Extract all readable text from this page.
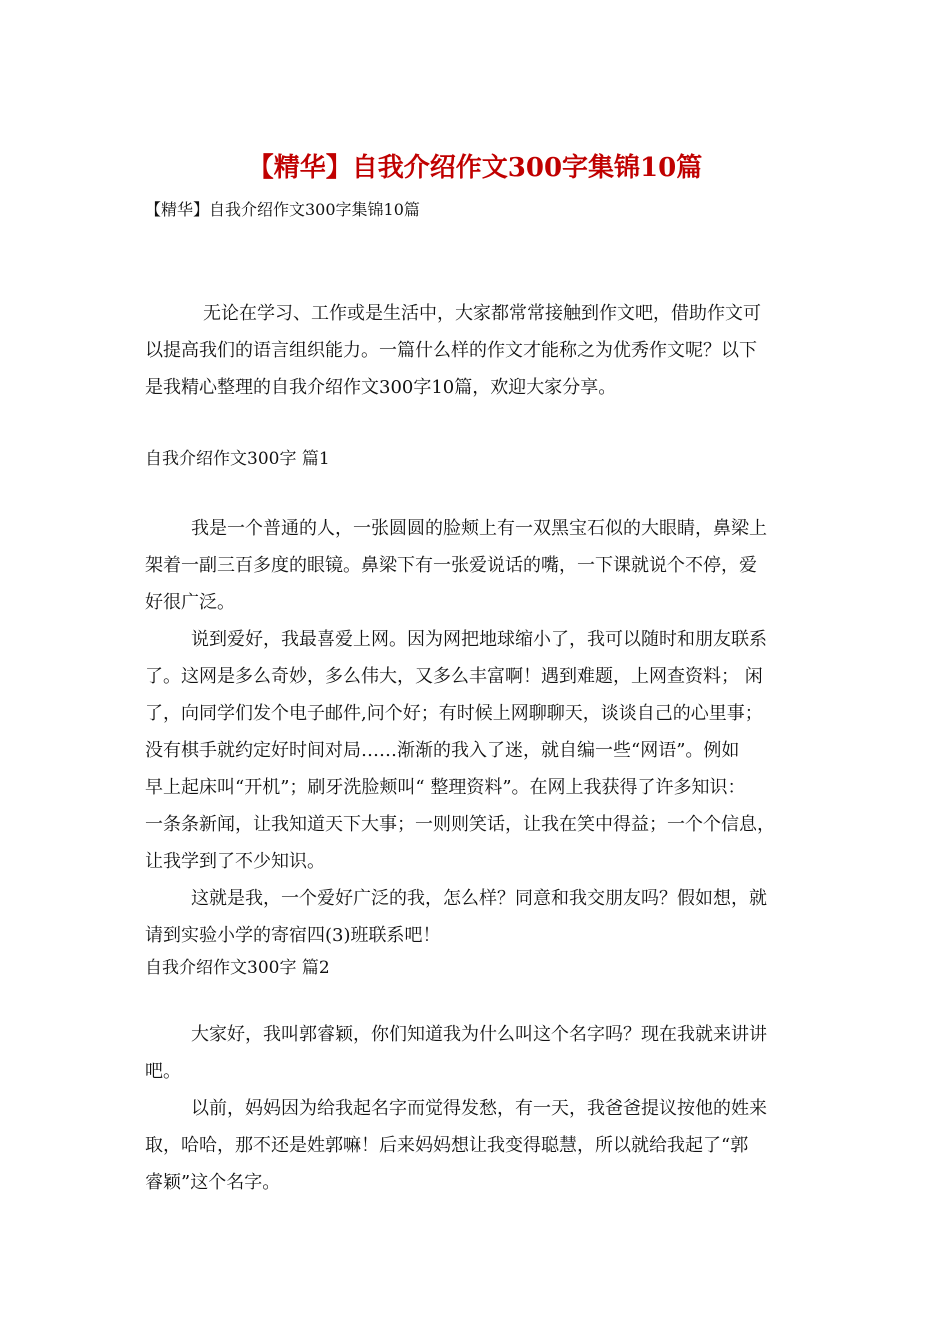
【精华】自我介绍作文300字集锦10篇
【精华】自我介绍作文300字集锦10篇
无论在学习、工作或是生活中，大家都常常接触到作文吧，借助作文可
以提高我们的语言组织能力。一篇什么样的作文才能称之为优秀作文呢？以下
是我精心整理的自我介绍作文300字10篇，欢迎大家分享。
自我介绍作文300字 篇1
我是一个普通的人，一张圆圆的脸颊上有一双黑宝石似的大眼睛，鼻梁上
架着一副三百多度的眼镜。鼻梁下有一张爱说话的嘴，一下课就说个不停，爱
好很广泛。
说到爱好，我最喜爱上网。因为网把地球缩小了，我可以随时和朋友联系
了。这网是多么奇妙，多么伟大，又多么丰富啊！遇到难题，上网查资料； 闲
了，向同学们发个电子邮件,问个好；有时候上网聊聊天，谈谈自己的心里事；
没有棋手就约定好时间对局……渐渐的我入了迷，就自编一些“网语”。例如
早上起床叫“开机”；刷牙洗脸颊叫“ 整理资料”。在网上我获得了许多知识：
一条条新闻，让我知道天下大事；一则则笑话，让我在笑中得益；一个个信息，
让我学到了不少知识。
这就是我，一个爱好广泛的我，怎么样？同意和我交朋友吗？假如想，就
请到实验小学的寄宿四(3)班联系吧！
自我介绍作文300字 篇2
大家好，我叫郭睿颖，你们知道我为什么叫这个名字吗？现在我就来讲讲
吧。
以前，妈妈因为给我起名字而觉得发愁，有一天，我爸爸提议按他的姓来
取，哈哈，那不还是姓郭嘛！后来妈妈想让我变得聪慧，所以就给我起了“郭
睿颖”这个名字。
